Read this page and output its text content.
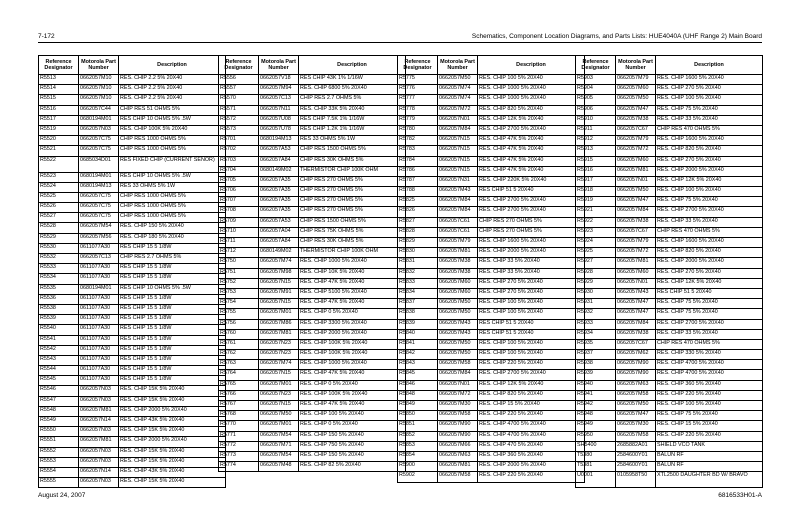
7-172	Schematics, Component Location Diagrams, and Parts Lists: HUE4040A (UHF Range 2) Main Board
Reference Designator	Motorola Part Number	Description
R5513	0662057M10	RES. CHIP 2.2 5% 20X40
R5514	0662057M10	RES. CHIP 2.2 5% 20X40
R5515	0662057M10	RES. CHIP 2.2 5% 20X40
R5516	0662057C44	CHIP RES 51 OHMS 5%
R5517	0680194M01	RES CHIP 10 OHMS 5% .5W
R5519	0662057N03	RES. CHIP 100K 5% 20X40
R5520	0662057C75	CHIP RES 1000 OHMS 5%
R5521	0662057C75	CHIP RES 1000 OHMS 5%
R5522	0685034D01	RES FIXED CHIP (CURRENT SENOR)
R5523	0680194M01	RES CHIP 10 OHMS 5% .5W
R5524	0680194M13	RES 33 OHMS 5% 1W
R5525	0662057C75	CHIP RES 1000 OHMS 5%
R5526	0662057C75	CHIP RES 1000 OHMS 5%
R5527	0662057C75	CHIP RES 1000 OHMS 5%
R5528	0662057M54	RES. CHIP 150 5% 20X40
R5529	0662057M56	RES. CHIP 180 5% 20X40
R5530	0611077A30	RES CHIP 15 5 1/8W
R5532	0662057C13	CHIP RES 2.7 OHMS 5%
R5533	0611077A30	RES CHIP 15 5 1/8W
R5534	0611077A30	RES CHIP 15 5 1/8W
R5535	0680194M01	RES CHIP 10 OHMS 5% .5W
R5536	0611077A30	RES CHIP 15 5 1/8W
R5538	0611077A30	RES CHIP 15 5 1/8W
R5539	0611077A30	RES CHIP 15 5 1/8W
R5540	0611077A30	RES CHIP 15 5 1/8W
R5541	0611077A30	RES CHIP 15 5 1/8W
R5542	0611077A30	RES CHIP 15 5 1/8W
R5543	0611077A30	RES CHIP 15 5 1/8W
R5544	0611077A30	RES CHIP 15 5 1/8W
R5545	0611077A30	RES CHIP 15 5 1/8W
R5546	0662057N03	RES. CHIP 15K 5% 20X40
R5547	0662057N03	RES. CHIP 15K 5% 20X40
R5548	0662057M81	RES. CHIP 2000 5% 20X40
R5549	0662057N14	RES. CHIP 43K 5% 20X40
R5550	0662057N03	RES. CHIP 15K 5% 20X40
R5551	0662057M81	RES. CHIP 2000 5% 20X40
R5552	0662057N03	RES. CHIP 15K 5% 20X40
R5553	0662057N03	RES. CHIP 15K 5% 20X40
R5554	0662057N14	RES. CHIP 43K 5% 20X40
R5555	0662057N03	RES. CHIP 15K 5% 20X40
Reference Designator	Motorola Part Number	Description
R5556	0662057V18	RES CHIP 43K 1% 1/16W
R5557	0662057M94	RES. CHIP 6800 5% 20X40
R5570	0662057C13	CHIP RES 2.7 OHMS 5%
R5571	0662057N11	RES. CHIP 33K 5% 20X40
R5572	0662057U08	RES CHIP 7.5K 1% 1/16W
R5573	0662057U78	RES CHIP 1.2K 1% 1/16W
R5701	0680194M13	RES 33 OHMS 5% 1W
R5702	0662057A53	CHIP RES 1500 OHMS 5%
R5703	0662057A84	CHIP RES 30K OHMS 5%
R5704	0680149M02	THERMISTOR CHIP 100K OHM
R5705	0662057A35	CHIP RES 270 OHMS 5%
R5706	0662057A35	CHIP RES 270 OHMS 5%
R5707	0662057A35	CHIP RES 270 OHMS 5%
R5708	0662057A35	CHIP RES 270 OHMS 5%
R5709	0662057A53	CHIP RES 1500 OHMS 5%
R5710	0662057A04	CHIP RES 75K OHMS 5%
R5711	0662057A84	CHIP RES 30K OHMS 5%
R5712	0680149M02	THERMISTOR CHIP 100K OHM
R5750	0662057M74	RES. CHIP 1000 5% 20X40
R5751	0662057M98	RES. CHIP 10K 5% 20X40
R5752	0662057N15	RES. CHIP 47K 5% 20X40
R5753	0662057M91	RES. CHIP 5100 5% 20X40
R5754	0662057N15	RES. CHIP 47K 5% 20X40
R5755	0662057M01	RES. CHIP 0 5% 20X40
R5756	0662057M86	RES. CHIP 3300 5% 20X40
R5760	0662057M81	RES. CHIP 2000 5% 20X40
R5761	0662057N23	RES. CHIP 100K 5% 20X40
R5762	0662057N23	RES. CHIP 100K 5% 20X40
R5763	0662057M74	RES. CHIP 1000 5% 20X40
R5764	0662057N15	RES. CHIP 47K 5% 20X40
R5765	0662057M01	RES. CHIP 0 5% 20X40
R5766	0662057N23	RES. CHIP 100K 5% 20X40
R5767	0662057N15	RES. CHIP 47K 5% 20X40
R5768	0662057M50	RES. CHIP 100 5% 20X40
R5770	0662057M01	RES. CHIP 0 5% 20X40
R5771	0662057M54	RES. CHIP 150 5% 20X40
R5772	0662057M71	RES. CHIP 750 5% 20X40
R5773	0662057M54	RES. CHIP 150 5% 20X40
R5774	0662057M48	RES. CHIP 82 5% 20X40
Reference Designator	Motorola Part Number	Description
R5775	0662057M50	RES. CHIP 100 5% 20X40
R5776	0662057M74	RES. CHIP 1000 5% 20X40
R5777	0662057M74	RES. CHIP 1000 5% 20X40
R5778	0662057M72	RES. CHIP 820 5% 20X40
R5779	0662057N01	RES. CHIP 12K 5% 20X40
R5780	0662057M84	RES. CHIP 2700 5% 20X40
R5782	0662057N15	RES. CHIP 47K 5% 20X40
R5783	0662057N15	RES. CHIP 47K 5% 20X40
R5784	0662057N15	RES. CHIP 47K 5% 20X40
R5786	0662057N15	RES. CHIP 47K 5% 20X40
R5787	0662057N31	RES. CHIP 220K 5% 20X40
R5788	0662057M43	RES CHIP 51 5 20X40
R5825	0662057M84	RES. CHIP 2700 5% 20X40
R5826	0662057M84	RES. CHIP 2700 5% 20X40
R5827	0662057C61	CHIP RES 270 OHMS 5%
R5828	0662057C61	CHIP RES 270 OHMS 5%
R5829	0662057M79	RES. CHIP 1600 5% 20X40
R5830	0662057M81	RES. CHIP 2000 5% 20X40
R5831	0662057M38	RES. CHIP 33 5% 20X40
R5832	0662057M38	RES. CHIP 33 5% 20X40
R5833	0662057M60	RES. CHIP 270 5% 20X40
R5834	0662057M60	RES. CHIP 270 5% 20X40
R5837	0662057M50	RES. CHIP 100 5% 20X40
R5838	0662057M50	RES. CHIP 100 5% 20X40
R5839	0662057M43	RES CHIP 51 5 20X40
R5840	0662057M43	RES CHIP 51 5 20X40
R5841	0662057M50	RES. CHIP 100 5% 20X40
R5842	0662057M50	RES. CHIP 100 5% 20X40
R5843	0662057M58	RES. CHIP 220 5% 20X40
R5845	0662057M84	RES. CHIP 2700 5% 20X40
R5846	0662057N01	RES. CHIP 12K 5% 20X40
R5848	0662057M72	RES. CHIP 820 5% 20X40
R5849	0662057M30	RES. CHIP 15 5% 20X40
R5850	0662057M58	RES. CHIP 220 5% 20X40
R5851	0662057M90	RES. CHIP 4700 5% 20X40
R5852	0662057M90	RES. CHIP 4700 5% 20X40
R5853	0662057M66	RES. CHIP 470 5% 20X40
R5854	0662057M63	RES. CHIP 360 5% 20X40
R5900	0662057M81	RES. CHIP 2000 5% 20X40
R5902	0662057M58	RES. CHIP 220 5% 20X40
Reference Designator	Motorola Part Number	Description
R5903	0662057M79	RES. CHIP 1600 5% 20X40
R5904	0662057M60	RES. CHIP 270 5% 20X40
R5905	0662057M50	RES. CHIP 100 5% 20X40
R5906	0662057M47	RES. CHIP 75 5% 20X40
R5910	0662057M38	RES. CHIP 33 5% 20X40
R5911	0662057C67	CHIP RES 470 OHMS 5%
R5912	0662057M79	RES. CHIP 1600 5% 20X40
R5913	0662057M72	RES. CHIP 820 5% 20X40
R5915	0662057M60	RES. CHIP 270 5% 20X40
R5916	0662057M81	RES. CHIP 2000 5% 20X40
R5917	0662057N01	RES. CHIP 12K 5% 20X40
R5918	0662057M50	RES. CHIP 100 5% 20X40
R5919	0662057M47	RES. CHIP 75 5% 20X40
R5921	0662057M84	RES. CHIP 2700 5% 20X40
R5922	0662057M38	RES. CHIP 33 5% 20X40
R5923	0662057C67	CHIP RES 470 OHMS 5%
R5924	0662057M79	RES. CHIP 1600 5% 20X40
R5925	0662057M72	RES. CHIP 820 5% 20X40
R5927	0662057M81	RES. CHIP 2000 5% 20X40
R5928	0662057M60	RES. CHIP 270 5% 20X40
R5929	0662057N01	RES. CHIP 12K 5% 20X40
R5930	0662057M43	RES CHIP 51 5 20X40
R5931	0662057M47	RES. CHIP 75 5% 20X40
R5932	0662057M47	RES. CHIP 75 5% 20X40
R5933	0662057M84	RES. CHIP 2700 5% 20X40
R5934	0662057M38	RES. CHIP 33 5% 20X40
R5935	0662057C67	CHIP RES 470 OHMS 5%
R5937	0662057M62	RES. CHIP 330 5% 20X40
R5938	0662057M90	RES. CHIP 4700 5% 20X40
R5939	0662057M90	RES. CHIP 4700 5% 20X40
R5940	0662057M63	RES. CHIP 360 5% 20X40
R5941	0662057M58	RES. CHIP 220 5% 20X40
R5942	0662057M50	RES. CHIP 100 5% 20X40
R5948	0662057M47	RES. CHIP 75 5% 20X40
R5949	0662057M30	RES. CHIP 15 5% 20X40
R5950	0662057M58	RES. CHIP 220 5% 20X40
SH5400	2685882A01	SHIELD VCO TANK
T5380	2584600Y01	BALUN RF
T5381	2584600Y01	BALUN RF
U0001	0105958T50	XTL2500 DAUGHTER BD W/ BRAVO
August 24, 2007	6816533H01-A
